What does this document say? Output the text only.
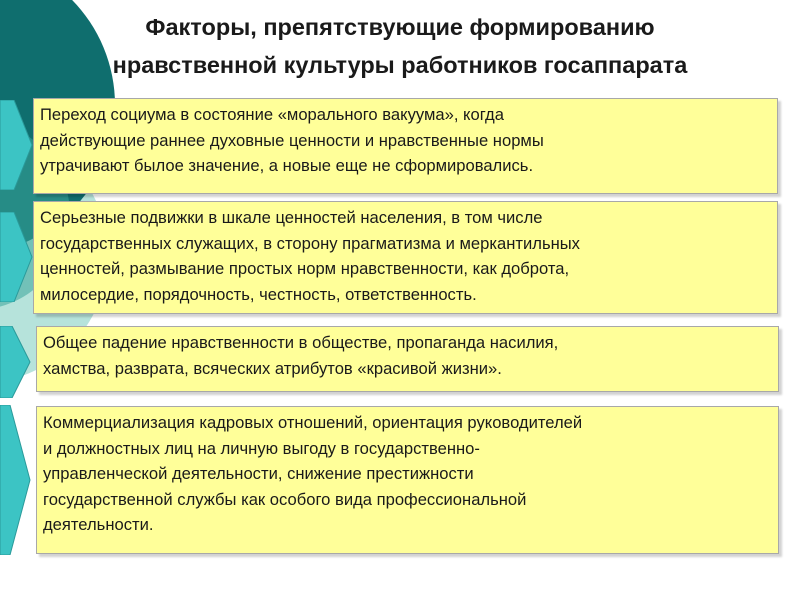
Факторы, препятствующие формированию
нравственной культуры работников госаппарата

Переход социума в состояние «морального вакуума», когда

действующие раннее духовные ценности и нравственные нормы

утрачивают былое значение, а новые еще не сформировались.

Серьезные подвижки в шкале ценностей населения, в том числе

государственных служащих, в сторону прагматизма и меркантильных

ценностей, размывание простых норм нравственности, как доброта,

милосердие, порядочность, честность, ответственность.

Общее падение нравственности в обществе, пропаганда насилия,

хамства, разврата, всяческих атрибутов «красивой жизни».

Коммерциализация кадровых отношений, ориентация руководителей

и должностных лиц на личную выгоду в государственно-

управленческой деятельности, снижение престижности

государственной службы как особого вида профессиональной

деятельности.
